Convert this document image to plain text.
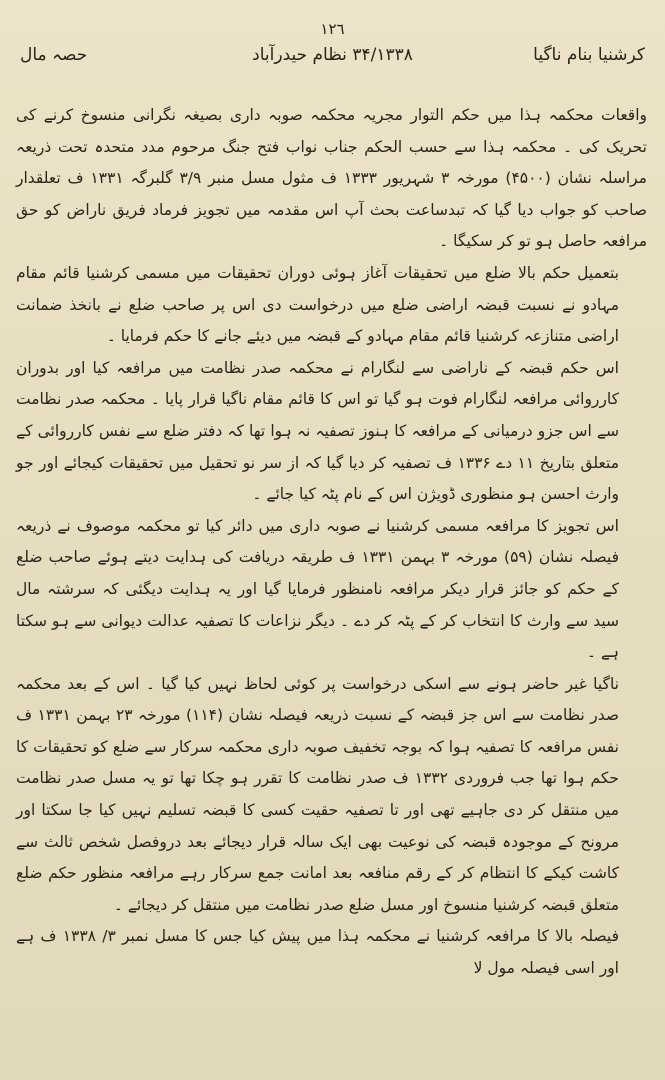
١٢٦
کرشنیا بنام ناگیا
۳۴/۱۳۳۸ نظام حیدرآباد
حصہ مال

واقعات محکمہ ہذا میں حکم التوار مجریہ محکمہ صوبہ داری بصیغہ نگرانی منسوخ کرنے کی تحریک کی ۔ محکمہ ہذا سے حسب الحکم جناب نواب فتح جنگ مرحوم مدد متحدہ تحت ذریعہ مراسلہ نشان (۴۵۰۰) مورخہ ۳ شہریور ۱۳۳۳ ف مثول مسل منبر ۳/۹ گلبرگہ ۱۳۳۱ ف تعلقدار صاحب کو جواب دیا گیا کہ تبدساعت بحث آپ اس مقدمہ میں تجویز فرماد فریق ناراض کو حق مرافعہ حاصل ہو تو کر سکیگا ۔

بتعمیل حکم بالا ضلع میں تحقیقات آغاز ہوئی دوران تحقیقات میں مسمی کرشنیا قائم مقام مہادو نے نسبت قبضہ اراضی ضلع میں درخواست دی اس پر صاحب ضلع نے بانخذ ضمانت اراضی متنازعہ کرشنیا قائم مقام مہادو کے قبضہ میں دیئے جانے کا حکم فرمایا ۔

اس حکم قبضہ کے ناراضی سے لنگارام نے محکمہ صدر نظامت میں مرافعہ کیا اور بدوران کارروائی مرافعہ لنگارام فوت ہو گیا تو اس کا قائم مقام ناگیا قرار پایا ۔ محکمہ صدر نظامت سے اس جزو درمیانی کے مرافعہ کا ہنوز تصفیہ نہ ہوا تھا کہ دفتر ضلع سے نفس کارروائی کے متعلق بتاریخ ۱۱ دے ۱۳۳۶ ف تصفیہ کر دیا گیا کہ از سر نو تحقیل میں تحقیقات کیجائے اور جو وارث احسن ہو منظوری ڈویژن اس کے نام پٹہ کیا جائے ۔

اس تجویز کا مرافعہ مسمی کرشنیا نے صوبہ داری میں دائر کیا تو محکمہ موصوف نے ذریعہ فیصلہ نشان (۵۹) مورخہ ۳ بہمن ۱۳۳۱ ف طریقہ دریافت کی ہدایت دیتے ہوئے صاحب ضلع کے حکم کو جائز قرار دیکر مرافعہ نامنظور فرمایا گیا اور یہ ہدایت دیگئی کہ سرشتہ مال سید سے وارث کا انتخاب کر کے پٹہ کر دے ۔ دیگر نزاعات کا تصفیہ عدالت دیوانی سے ہو سکتا ہے ۔

ناگیا غیر حاضر ہونے سے اسکی درخواست پر کوئی لحاظ نہیں کیا گیا ۔ اس کے بعد محکمہ صدر نظامت سے اس جز قبضہ کے نسبت ذریعہ فیصلہ نشان (۱۱۴) مورخہ ۲۳ بہمن ۱۳۳۱ ف نفس مرافعہ کا تصفیہ ہوا کہ بوجہ تخفیف صوبہ داری محکمہ سرکار سے ضلع کو تحقیقات کا حکم ہوا تھا جب فروردی ۱۳۳۲ ف صدر نظامت کا تقرر ہو چکا تھا تو یہ مسل صدر نظامت میں منتقل کر دی جاہیے تھی اور تا تصفیہ حقیت کسی کا قبضہ تسلیم نہیں کیا جا سکتا اور مرونح کے موجودہ قبضہ کی نوعیت بھی ایک سالہ قرار دیجائے بعد دروفصل شخص ثالث سے کاشت کیکے کا انتظام کر کے رقم منافعہ بعد امانت جمع سرکار رہے مرافعہ منظور حکم ضلع متعلق قبضہ کرشنیا منسوخ اور مسل ضلع صدر نظامت میں منتقل کر دیجائے ۔

فیصلہ بالا کا مرافعہ کرشنیا نے محکمہ ہذا میں پیش کیا جس کا مسل نمبر ۳/ ۱۳۳۸ ف ہے اور اسی فیصلہ مول لا
